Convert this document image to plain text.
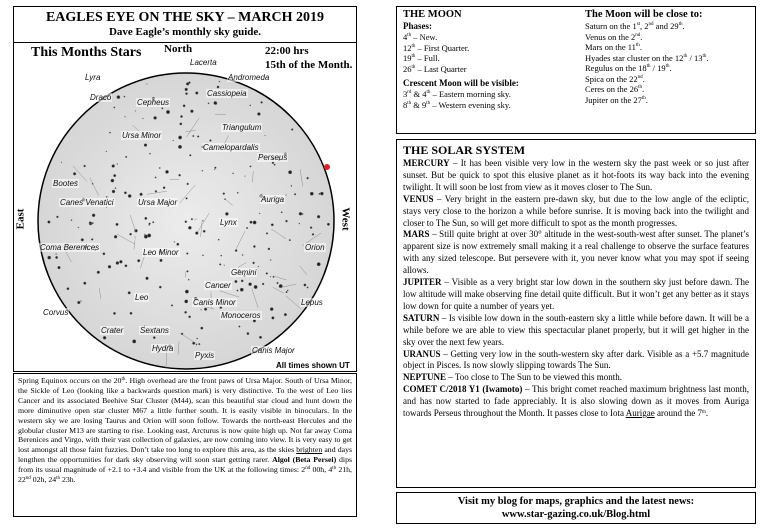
EAGLES EYE ON THE SKY – MARCH 2019
Dave Eagle’s monthly sky guide.
This Months Stars North	22:00 hrs
15th of the Month.
East	West
All times shown UT
Lyra
Lacerta
Andromeda
Draco
Cepheus
Cassiopeia
Ursa Minor
Triangulum
Camelopardalis
Perseus
Bootes
Canes Venatici	Ursa Major	Auriga
Lynx
Coma Berenices
Leo Minor
Orion
Gemini
Cancer
Leo
Canis Minor
Monoceros
Lepus
Corvus
Crater Sextans
Hydra
Pyxis
Canis Major
Spring Equinox occurs on the 20th. High overhead are the front paws of Ursa Major. South of Ursa Minor, the Sickle of Leo (looking like a backwards question mark) is very distinctive. To the west of Leo lies Cancer and its associated Beehive Star Cluster (M44), scan this beautiful star cloud and hunt down the more diminutive open star cluster M67 a little further south. It is easily visible in binoculars. In the western sky we are losing Taurus and Orion will soon follow. Towards the north-east Hercules and the globular cluster M13 are starting to rise. Looking east, Arcturus is now quite high up. Not far away Coma Berenices and Virgo, with their vast collection of galaxies, are now coming into view. It is very easy to get lost amongst all those faint fuzzies. Don’t take too long to explore this area, as the skies brighten and days lengthen the opportunities for dark sky observing will soon start getting rarer. Algol (Beta Persei) dips from its usual magnitude of +2.1 to +3.4 and visible from the UK at the following times: 2nd 00h, 4th 21h, 22nd 02h, 24th 23h.
THE MOON
Phases:
4th – New.
12th – First Quarter.
19th – Full.
26th – Last Quarter
Crescent Moon will be visible:
3rd & 4th – Eastern morning sky.
8th & 9th – Western evening sky.
The Moon will be close to:
Saturn on the 1st, 2nd and 29th.
Venus on the 2nd.
Mars on the 11th.
Hyades star cluster on the 12th / 13th.
Regulus on the 18th / 19th.
Spica on the 22nd.
Ceres on the 26th.
Jupiter on the 27th.
THE SOLAR SYSTEM

MERCURY – It has been visible very low in the western sky the past week or so just after sunset. But be quick to spot this elusive planet as it hot-foots its way back into the evening twilight. It will soon be lost from view as it moves closer to The Sun.

VENUS – Very bright in the eastern pre-dawn sky, but due to the low angle of the ecliptic, stays very close to the horizon a while before sunrise. It is moving back into the twilight and closer to The Sun, so will get more difficult to spot as the month progresses.

MARS – Still quite bright at over 30° altitude in the west-south-west after sunset. The planet’s apparent size is now extremely small making it a real challenge to observe the surface features with any sized telescope. But persevere with it, you never know what you may spot if seeing allows.

JUPITER – Visible as a very bright star low down in the southern sky just before dawn. The low altitude will make observing fine detail quite difficult. But it won’t get any better as it stays low down for quite a number of years yet.

SATURN – Is visible low down in the south-eastern sky a little while before dawn. It will be a while before we are able to view this spectacular planet properly, but it will get higher in the sky over the next few years.

URANUS – Getting very low in the south-western sky after dark. Visible as a +5.7 magnitude object in Pisces. Is now slowly slipping towards The Sun.

NEPTUNE – Too close to The Sun to be viewed this month.

COMET C/2018 Y1 (Iwamoto) – This bright comet reached maximum brightness last month, and has now started to fade appreciably. It is also slowing down as it moves from Auriga towards Perseus throughout the Month. It passes close to Iota Aurigae around the 7th.

Visit my blog for maps, graphics and the latest news:
www.star-gazing.co.uk/Blog.html
